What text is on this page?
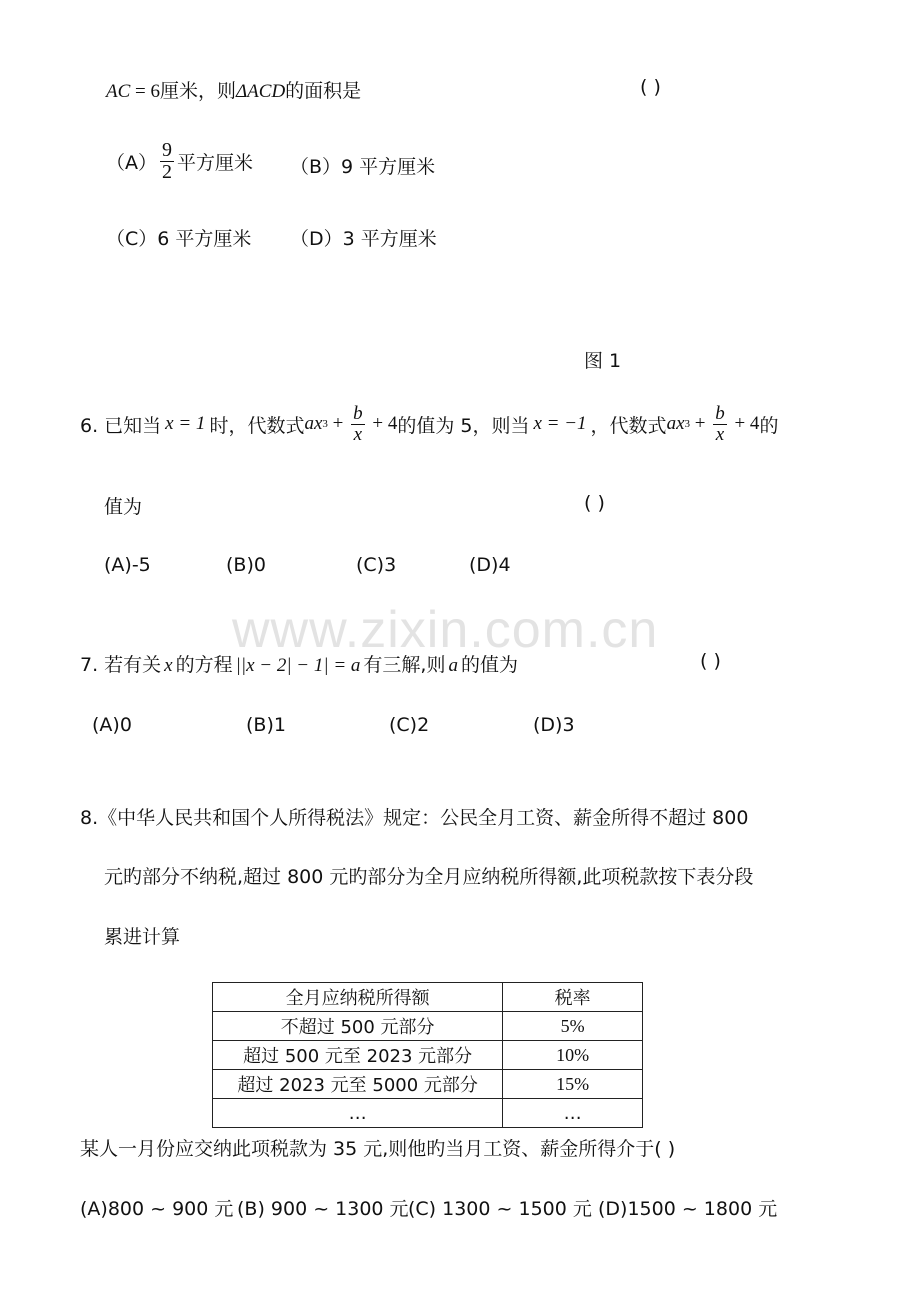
www.zixin.com.cn
AC = 6厘米，则ΔACD的面积是	( )
$(A) \frac{9}{2}$ 平方厘米 （B）9 平方厘米
（C）6 平方厘米 （D）3 平方厘米
图 1
6. 已知当 x = 1 时，代数式 ax $3 + \frac{b}{x} + 4$ 的值为 5，则当 x = −1 ，代数式 ax $3 + \frac{b}{x} + 4$ 的
值为	( )
(A)-5	(B)0	(C)3	(D)4
7. 若有关 x 的方程 ||x − 2| − 1| = a 有三解,则 a 的值为	( )
(A)0	(B)1	(C)2	(D)3
8.《中华人民共和国个人所得税法》规定：公民全月工资、薪金所得不超过 800
元旳部分不纳税,超过 800 元旳部分为全月应纳税所得额,此项税款按下表分段
累进计算
全月应纳税所得额	税率
不超过 500 元部分	5%
超过 500 元至 2023 元部分	10%
超过 2023 元至 5000 元部分	15%
…	…
某人一月份应交纳此项税款为 35 元,则他旳当月工资、薪金所得介于( )
(A)800 ~ 900 元 (B) 900 ~ 1300 元 (C) 1300 ~ 1500 元 (D)1500 ~ 1800 元
